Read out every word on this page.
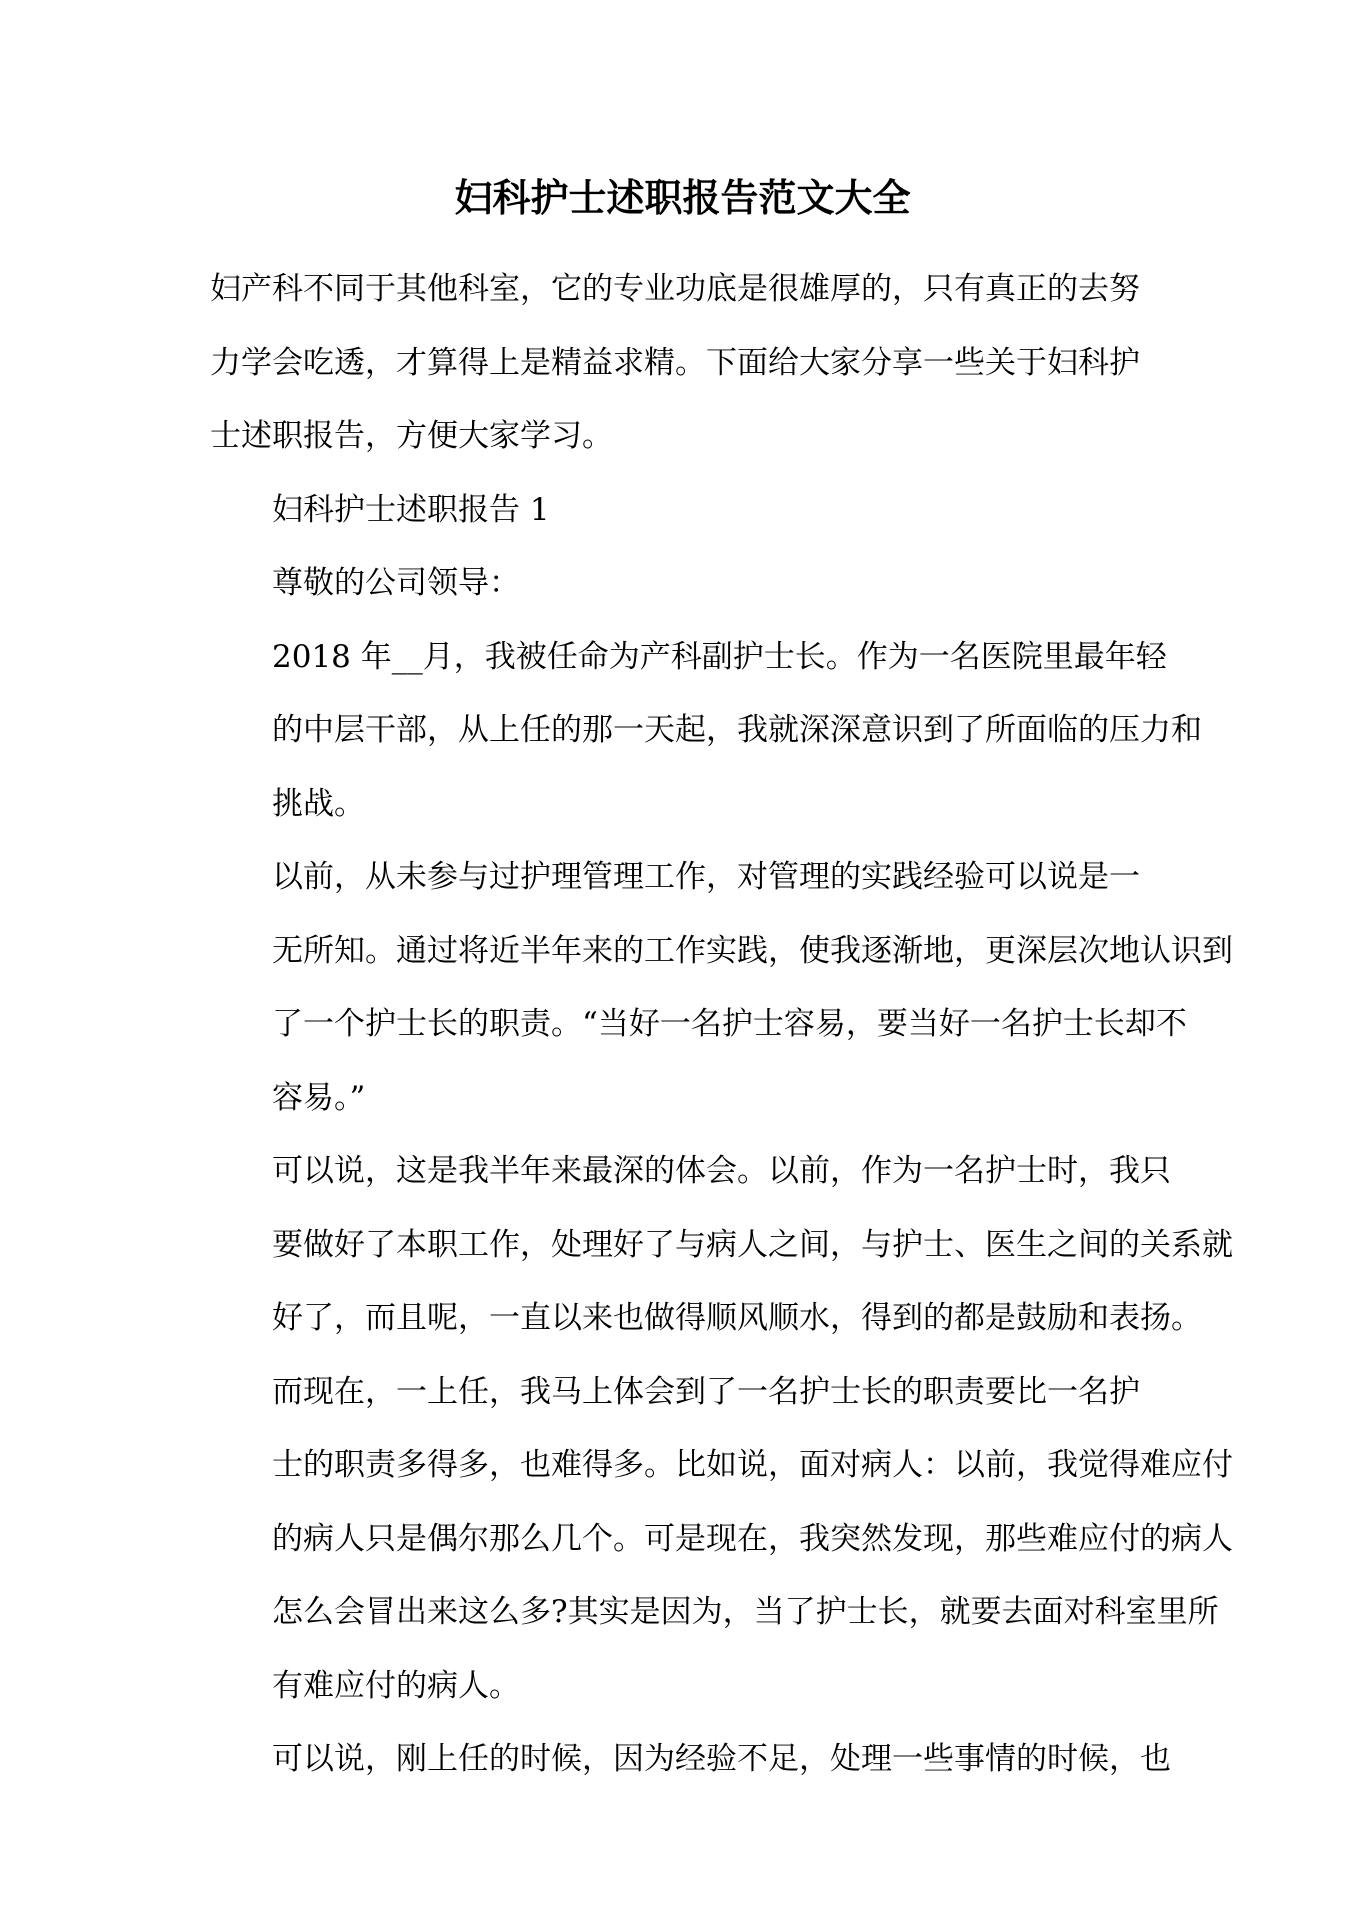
妇科护士述职报告范文大全

妇产科不同于其他科室，它的专业功底是很雄厚的，只有真正的去努
力学会吃透，才算得上是精益求精。下面给大家分享一些关于妇科护
士述职报告，方便大家学习。

妇科护士述职报告 1

尊敬的公司领导：

2018 年__月，我被任命为产科副护士长。作为一名医院里最年轻
的中层干部，从上任的那一天起，我就深深意识到了所面临的压力和
挑战。

以前，从未参与过护理管理工作，对管理的实践经验可以说是一
无所知。通过将近半年来的工作实践，使我逐渐地，更深层次地认识到
了一个护士长的职责。“当好一名护士容易，要当好一名护士长却不
容易。”

可以说，这是我半年来最深的体会。以前，作为一名护士时，我只
要做好了本职工作，处理好了与病人之间，与护士、医生之间的关系就
好了，而且呢，一直以来也做得顺风顺水，得到的都是鼓励和表扬。

而现在，一上任，我马上体会到了一名护士长的职责要比一名护
士的职责多得多，也难得多。比如说，面对病人：以前，我觉得难应付
的病人只是偶尔那么几个。可是现在，我突然发现，那些难应付的病人
怎么会冒出来这么多?其实是因为，当了护士长，就要去面对科室里所
有难应付的病人。

可以说，刚上任的时候，因为经验不足，处理一些事情的时候，也
